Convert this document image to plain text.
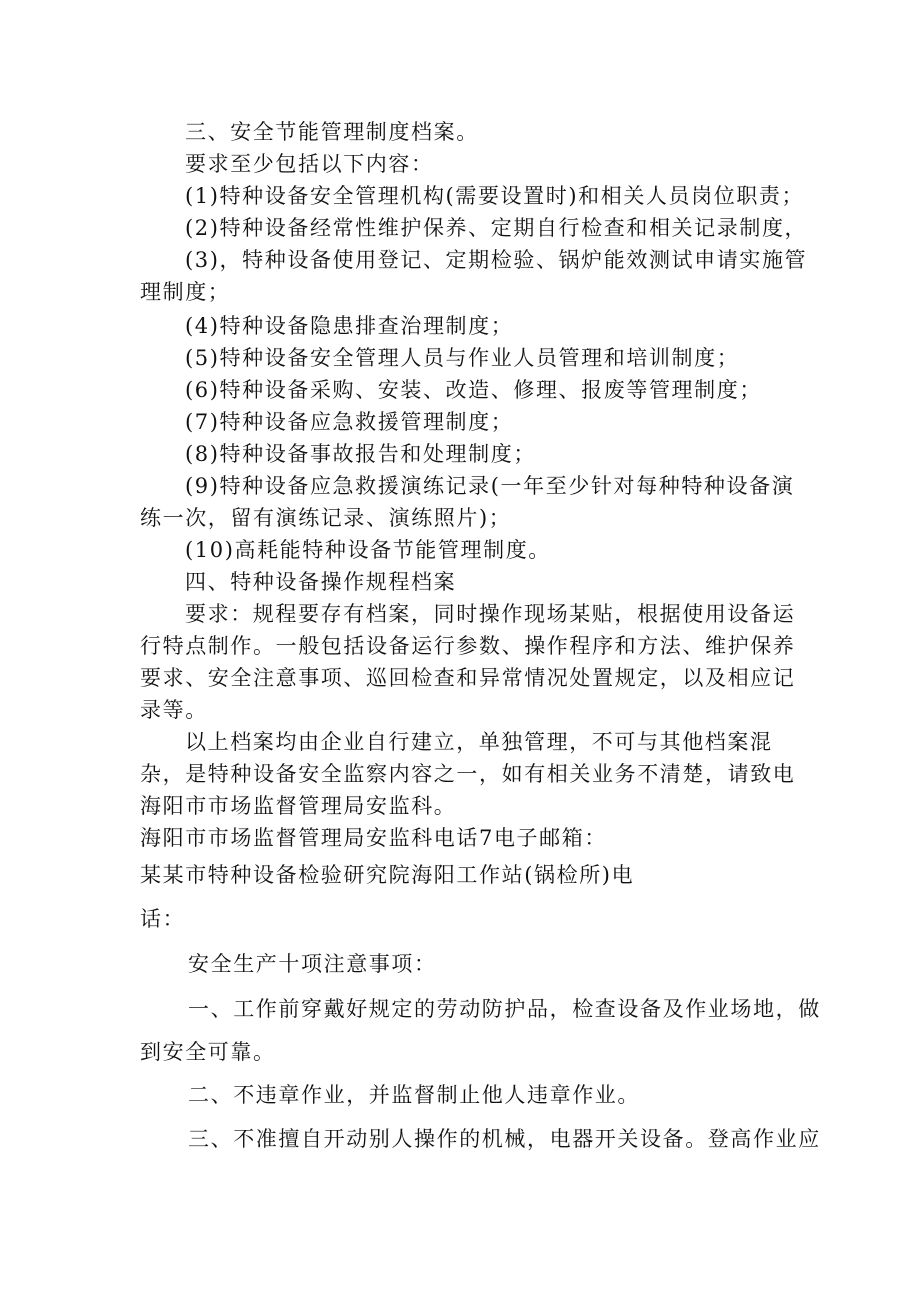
三、安全节能管理制度档案。
要求至少包括以下内容：
(1)特种设备安全管理机构(需要设置时)和相关人员岗位职责；
(2)特种设备经常性维护保养、定期自行检查和相关记录制度，
(3)，特种设备使用登记、定期检验、锅炉能效测试申请实施管
理制度；
(4)特种设备隐患排查治理制度；
(5)特种设备安全管理人员与作业人员管理和培训制度；
(6)特种设备采购、安装、改造、修理、报废等管理制度；
(7)特种设备应急救援管理制度；
(8)特种设备事故报告和处理制度；
(9)特种设备应急救援演练记录(一年至少针对每种特种设备演
练一次，留有演练记录、演练照片)；
(10)高耗能特种设备节能管理制度。
四、特种设备操作规程档案
要求：规程要存有档案，同时操作现场某贴，根据使用设备运
行特点制作。一般包括设备运行参数、操作程序和方法、维护保养
要求、安全注意事项、巡回检查和异常情况处置规定，以及相应记
录等。
以上档案均由企业自行建立，单独管理，不可与其他档案混
杂，是特种设备安全监察内容之一，如有相关业务不清楚，请致电
海阳市市场监督管理局安监科。
海阳市市场监督管理局安监科电话7电子邮箱：
某某市特种设备检验研究院海阳工作站(锅检所)电
话：
安全生产十项注意事项：
一、工作前穿戴好规定的劳动防护品，检查设备及作业场地，做
到安全可靠。
二、不违章作业，并监督制止他人违章作业。
三、不准擅自开动别人操作的机械，电器开关设备。登高作业应
